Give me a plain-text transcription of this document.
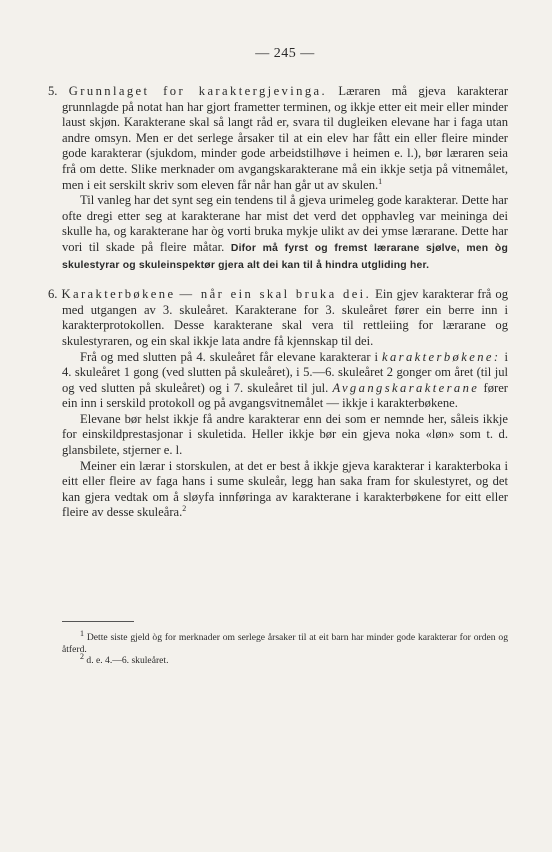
— 245 —

5. Grunnlaget for karaktergjevinga. Læraren må gjeva karakterar grunnlagde på notat han har gjort frametter terminen, og ikkje etter eit meir eller minder laust skjøn. Karakterane skal så langt råd er, svara til dugleiken elevane har i faga utan andre omsyn. Men er det serlege årsaker til at ein elev har fått ein eller fleire minder gode karakterar (sjukdom, minder gode arbeidstilhøve i heimen e. l.), bør læraren seia frå om dette. Slike merknader om avgangskarakterane må ein ikkje setja på vitnemålet, men i eit serskilt skriv som eleven får når han går ut av skulen.$^1$

Til vanleg har det synt seg ein tendens til å gjeva urimeleg gode karakterar. Dette har ofte dregi etter seg at karakterane har mist det verd det opphavleg var meininga dei skulle ha, og karakterane har òg vorti bruka mykje ulikt av dei ymse lærarane. Dette har vori til skade på fleire måtar. Difor må fyrst og fremst lærarane sjølve, men òg skulestyrar og skuleinspektør gjera alt dei kan til å hindra utgliding her.

6. Karakterbøkene — når ein skal bruka dei. Ein gjev karakterar frå og med utgangen av 3. skuleåret. Karakterane for 3. skuleåret fører ein berre inn i karakterprotokollen. Desse karakterane skal vera til rettleiing for lærarane og skulestyraren, og ein skal ikkje lata andre få kjennskap til dei.

Frå og med slutten på 4. skuleåret får elevane karakterar i karakterbøkene: i 4. skuleåret 1 gong (ved slutten på skuleåret), i 5.—6. skuleåret 2 gonger om året (til jul og ved slutten på skuleåret) og i 7. skuleåret til jul. Avgangskarakterane fører ein inn i serskild protokoll og på avgangsvitnemålet — ikkje i karakterbøkene.

Elevane bør helst ikkje få andre karakterar enn dei som er nemnde her, såleis ikkje for einskildprestasjonar i skuletida. Heller ikkje bør ein gjeva noka «løn» som t. d. glansbilete, stjerner e. l.

Meiner ein lærar i storskulen, at det er best å ikkje gjeva karakterar i karakterboka i eitt eller fleire av faga hans i sume skuleår, legg han saka fram for skulestyret, og det kan gjera vedtak om å sløyfa innføringa av karakterane i karakterbøkene for eitt eller fleire av desse skuleåra.$^2$

$^1$ Dette siste gjeld òg for merknader om serlege årsaker til at eit barn har minder gode karakterar for orden og åtferd.

$^2$ d. e. 4.—6. skuleåret.
